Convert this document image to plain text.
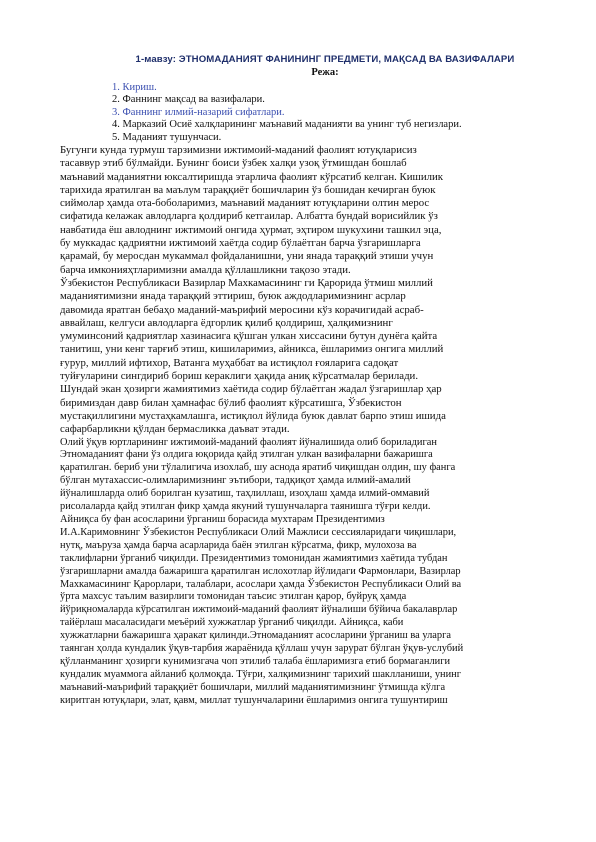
1-мавзу: ЭТНОМАДАНИЯТ ФАНИНИНГ ПРЕДМЕТИ, МАҚСАД ВА ВАЗИФАЛАРИ
Режа:
1. Кириш.
2. Фаннинг мақсад ва вазифалари.
3. Фаннинг илмий-назарий сифатлари.
4. Марказий Осиё халқларининг маънавий маданияти ва унинг туб негизлари.
5. Маданият тушунчаси.

Бугунги кунда турмуш тарзимизни ижтимоий-маданий фаолият ютуқларисиз
тасаввур этиб бўлмайди. Бунинг боиси ўзбек халқи узоқ ўтмишдан бошлаб
маънавий маданиятни юксалтиришда этарлича фаолият кўрсатиб келган. Кишилик
тарихида яратилган ва маълум тараққиёт бошичларин ўз бошидан кечирган буюк
сиймолар ҳамда ота-боболаримиз, маънавий маданият ютуқларини олтин мерос
сифатида келажак авлодларга қолдириб кетгаилар. Албатта бундай ворисийлик ўз
навбатида ёш авлоднинг ижтимоий онгида ҳурмат, эҳтиром шукухини ташкил эца,
бу муккадас қадриятни ижтимоий хаётда содир бўлаётган барча ўзгаришларга
қарамай, бу меросдан мукаммал фойдаланишни, уни янада тараққий этиши учун
барча имконияҳтларимизни амалда қўллашликни тақозо этади.

Ўзбекистон Республикаси Вазирлар Махкамасининг ги Қарорида ўтмиш миллий
маданиятимизни янада тараққий эттириш, буюк аждодларимизнинг асрлар
давомида яратган бебаҳо маданий-маърифий меросини кўз корачигидай асраб-
аввайлаш, келгуси авлодларга ёдгорлик қилиб қолдириш, ҳалқимизнинг
умуминсоний қадриятлар хазинасига қўшган улкан хиссасини бутун дунёга қайта
танитиш, уни кенг тарғиб этиш, кишиларимиз, айникса, ёшларимиз онгига миллий
ғурур, миллий ифтихор, Ватанга муҳаббат ва истиқлол ғояларига садоқат
туйғуларини сингдириб бориш кераклиги ҳақида аниқ кўрсатмалар берилади.
Шундай экан ҳозирги жамиятимиз хаётида содир бўлаётган жадал ўзгаришлар ҳар
биримиздан давр билан ҳамнафас бўлиб фаолият кўрсатишга, Ўзбекистон
мустақиллигини мустаҳкамлашга, истиқлол йўлида буюк давлат барпо этиш ишида
сафарбарликни қўлдан бермасликка даъват этади.

Олий ўқув юртларининг ижтимоий-маданий фаолият йўналишида олиб бориладиган
Этномаданият фани ўз олдига юқорида қайд этилган улкан вазифаларни бажаришга
қаратилган. бериб уни тўлалигича изохлаб, шу аснода яратиб чиқишдан олдин, шу фанга
бўлган мутахассис-олимларимизнинг эътибори, тадқиқот ҳамда илмий-амалий
йўналишларда олиб борилган кузатиш, таҳлиллаш, изоҳлаш ҳамда илмий-оммавий
рисолаларда қайд этилган фикр ҳамда якуний тушунчаларга таянишга тўғри келди.
Айниқса бу фан асосларини ўрганиш борасида мухтарам Президентимиз
И.А.Каримовнинг Ўзбекистон Республикаси Олий Мажлиси сессияларидаги чиқишлари,
нутқ, маъруза ҳамда барча асарларида баён этилган кўрсатма, фикр, мулохоза ва
таклифларни ўрганиб чиқилди. Президентимиз томонидан жамиятимиз хаётида тубдан
ўзгаришларни амалда бажаришга қаратилган ислохотлар йўлидаги Фармонлари, Вазирлар
Махкамасининг Қарорлари, талаблари, асослари ҳамда Ўзбекистон Республикаси Олий ва
ўрта махсус таълим вазирлиги томонидан таъсис этилган қарор, буйруқ ҳамда
йўриқномаларда кўрсатилган ижтимоий-маданий фаолият йўналиши бўйича бакалаврлар
тайёрлаш масаласидаги меъёрий хужжатлар ўрганиб чиқилди. Айниқса, каби
хужжатларни бажаришга ҳаракат қилинди.Этномаданият асосларини ўрганиш ва уларга
таянган ҳолда кундалик ўқув-тарбия жараёнида қўллаш учун зарурат бўлган ўқув-услубий
қўлланманинг ҳозирги кунимизгача чоп этилиб талаба ёшларимизга етиб бормаганлиги
кундалик муаммога айланиб қолмоқда. Тўғри, халқимизнинг тарихий шаклланиши, унинг
маънавий-маърифий тараққиёт бошичлари, миллий маданиятимизнинг ўтмишда кўлга
киритган ютуқлари, элат, қавм, миллат тушунчаларини ёшларимиз онгига тушунтириш
